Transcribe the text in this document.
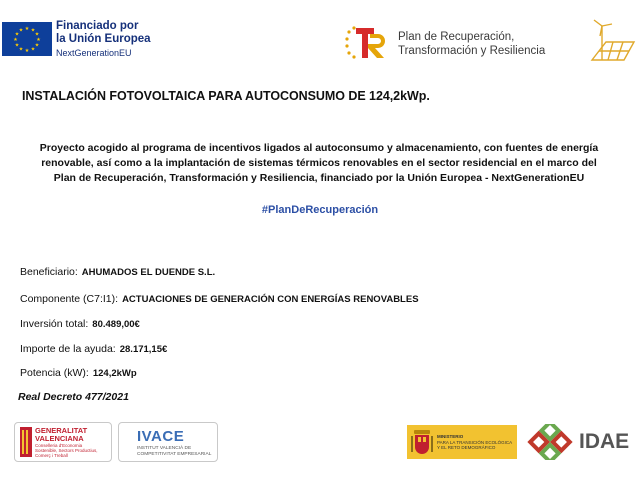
★ ★
★
★
★
★
★
★
★
★
★
★	Financiado por
la Unión Europea
NextGenerationEU
Plan de Recuperación,
Transformación y Resiliencia
INSTALACIÓN FOTOVOLTAICA PARA AUTOCONSUMO DE 124,2kWp.
Proyecto acogido al programa de incentivos ligados al autoconsumo y almacenamiento, con fuentes de energía
renovable, así como a la implantación de sistemas térmicos renovables en el sector residencial en el marco del
Plan de Recuperación, Transformación y Resiliencia, financiado por la Unión Europea - NextGenerationEU
#PlanDeRecuperación
Beneficiario: AHUMADOS EL DUENDE S.L.
Componente (C7:I1): ACTUACIONES DE GENERACIÓN CON ENERGÍAS RENOVABLES
Inversión total: 80.489,00€
Importe de la ayuda: 28.171,15€
Potencia (kW): 124,2kWp
Real Decreto 477/2021
GENERALITAT
VALENCIANA
Conselleria d'Economia
Sostenible, Sectors Productius,
Comerç i Treball
IVACE
INSTITUT VALENCIÀ DE
COMPETITIVITAT EMPRESARIAL
MINISTERIO
PARA LA TRANSICIÓN ECOLÓGICA
Y EL RETO DEMOGRÁFICO	IDAE
